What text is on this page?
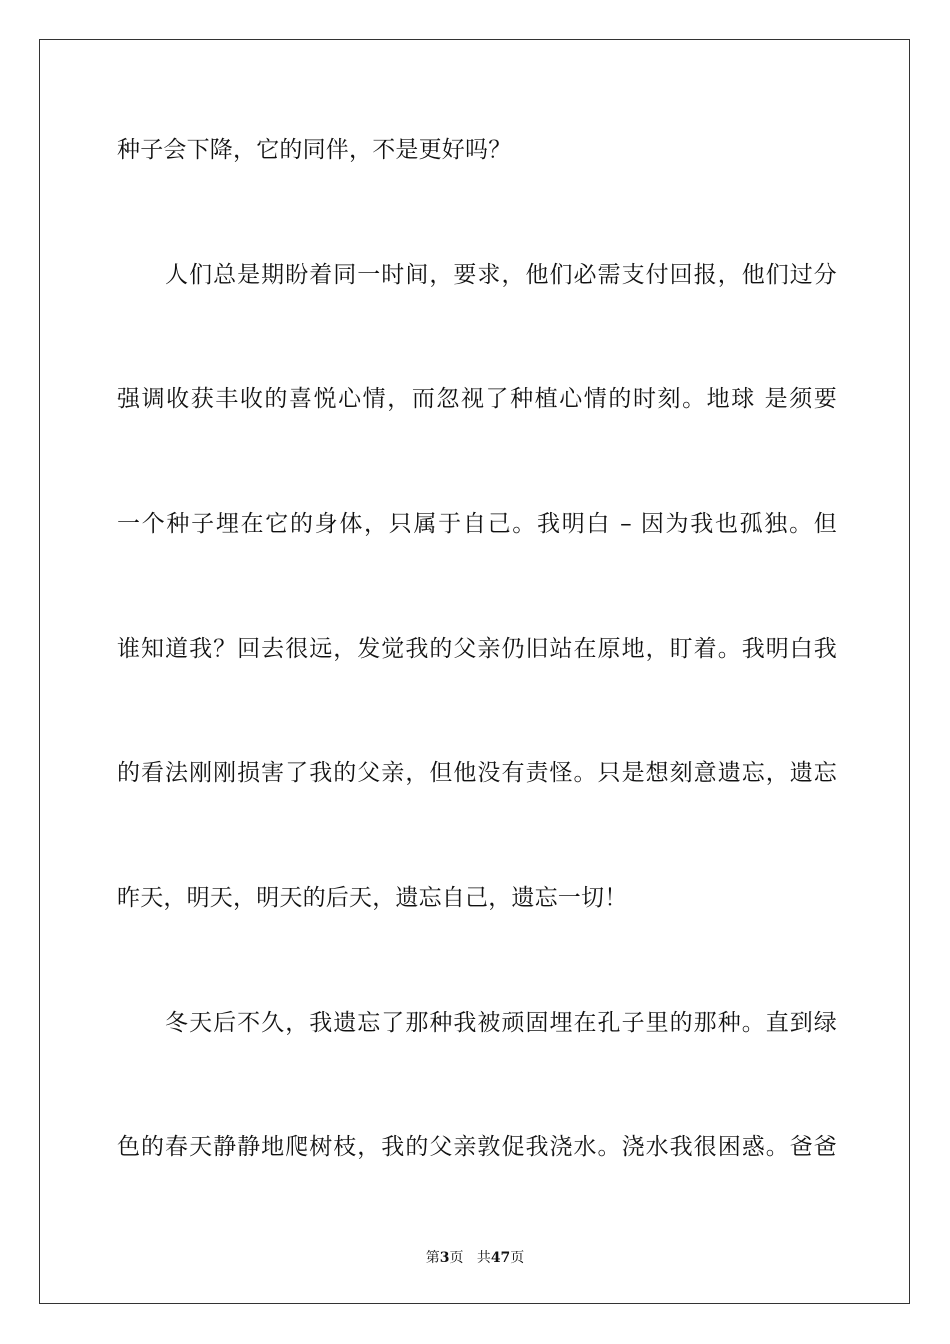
种子会下降，它的同伴，不是更好吗？
　　人们总是期盼着同一时间，要求，他们必需支付回报，他们过分
强调收获丰收的喜悦心情，而忽视了种植心情的时刻。地球 是须要
一个种子埋在它的身体，只属于自己。我明白 – 因为我也孤独。但
谁知道我？回去很远，发觉我的父亲仍旧站在原地，盯着。我明白我
的看法刚刚损害了我的父亲，但他没有责怪。只是想刻意遗忘，遗忘
昨天，明天，明天的后天，遗忘自己，遗忘一切！
　　冬天后不久，我遗忘了那种我被顽固埋在孔子里的那种。直到绿
色的春天静静地爬树枝，我的父亲敦促我浇水。浇水我很困惑。爸爸
第3页 共47页
